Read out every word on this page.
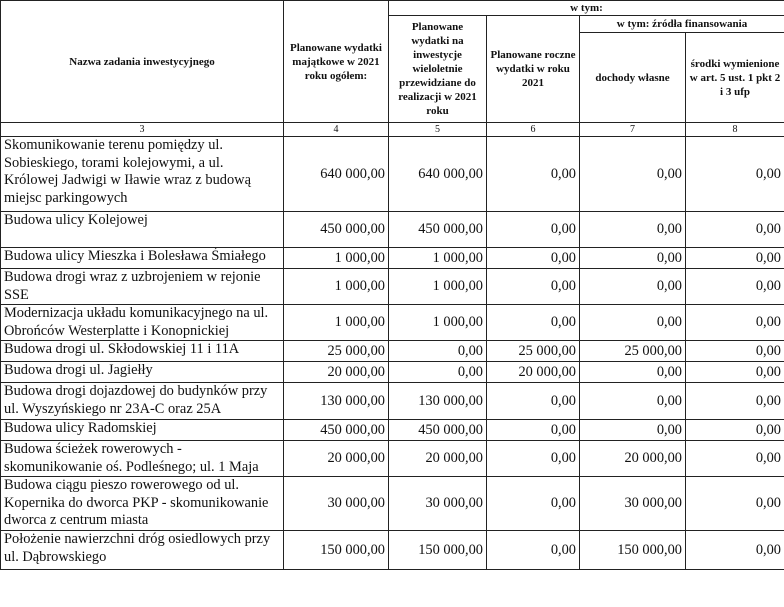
Nazwa zadania inwestycyjnego	Planowane wydatki majątkowe w 2021 roku ogółem:	w tym:			
		Planowane wydatki na inwestycje wieloletnie przewidziane do realizacji w 2021 roku	Planowane roczne wydatki w roku 2021	w tym: źródła finansowania	
				dochody własne	środki wymienione w art. 5 ust. 1 pkt 2 i 3 ufp
3	4	5	6	7	8
Skomunikowanie terenu pomiędzy ul. Sobieskiego, torami kolejowymi, a ul. Królowej Jadwigi w Iławie wraz z budową miejsc parkingowych	640 000,00	640 000,00	0,00	0,00	0,00
Budowa ulicy Kolejowej	450 000,00	450 000,00	0,00	0,00	0,00
Budowa ulicy Mieszka i Bolesława Śmiałego	1 000,00	1 000,00	0,00	0,00	0,00
Budowa drogi wraz z uzbrojeniem w rejonie SSE	1 000,00	1 000,00	0,00	0,00	0,00
Modernizacja układu komunikacyjnego na ul. Obrońców Westerplatte i Konopnickiej	1 000,00	1 000,00	0,00	0,00	0,00
Budowa drogi ul. Skłodowskiej 11 i 11A	25 000,00	0,00	25 000,00	25 000,00	0,00
Budowa drogi ul. Jagiełły	20 000,00	0,00	20 000,00	0,00	0,00
Budowa drogi dojazdowej do budynków przy ul. Wyszyńskiego nr 23A-C oraz 25A	130 000,00	130 000,00	0,00	0,00	0,00
Budowa ulicy Radomskiej	450 000,00	450 000,00	0,00	0,00	0,00
Budowa ścieżek rowerowych - skomunikowanie oś. Podleśnego; ul. 1 Maja	20 000,00	20 000,00	0,00	20 000,00	0,00
Budowa ciągu pieszo rowerowego od ul. Kopernika do dworca PKP - skomunikowanie dworca z centrum miasta	30 000,00	30 000,00	0,00	30 000,00	0,00
Położenie nawierzchni dróg osiedlowych przy ul. Dąbrowskiego	150 000,00	150 000,00	0,00	150 000,00	0,00
